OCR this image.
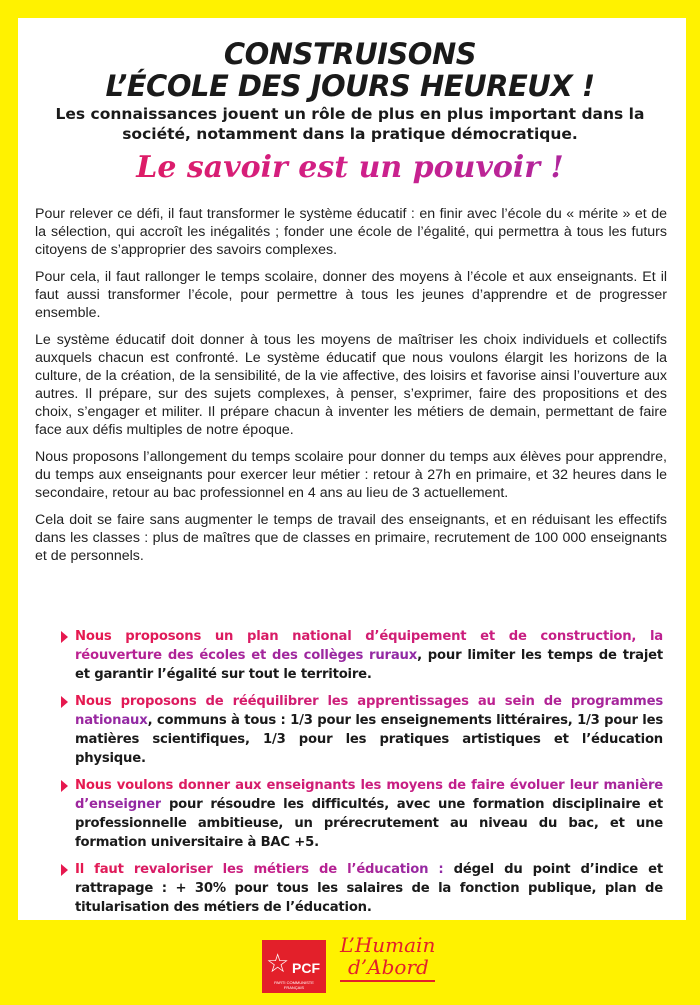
CONSTRUISONS
L’ÉCOLE DES JOURS HEUREUX !
Les connaissances jouent un rôle de plus en plus important dans la société, notamment dans la pratique démocratique.
Le savoir est un pouvoir !

Pour relever ce défi, il faut transformer le système éducatif : en finir avec l’école du « mérite » et de la sélection, qui accroît les inégalités ; fonder une école de l’égalité, qui permettra à tous les futurs citoyens de s’approprier des savoirs complexes.

Pour cela, il faut rallonger le temps scolaire, donner des moyens à l’école et aux enseignants. Et il faut aussi transformer l’école, pour permettre à tous les jeunes d’apprendre et de progresser ensemble.

Le système éducatif doit donner à tous les moyens de maîtriser les choix individuels et collectifs auxquels chacun est confronté. Le système éducatif que nous voulons élargit les horizons de la culture, de la création, de la sensibilité, de la vie affective, des loisirs et favorise ainsi l’ouverture aux autres. Il prépare, sur des sujets complexes, à penser, s’exprimer, faire des propositions et des choix, s’engager et militer. Il prépare chacun à inventer les métiers de demain, permettant de faire face aux défis multiples de notre époque.

Nous proposons l’allongement du temps scolaire pour donner du temps aux élèves pour apprendre, du temps aux enseignants pour exercer leur métier : retour à 27h en primaire, et 32 heures dans le secondaire, retour au bac professionnel en 4 ans au lieu de 3 actuellement.

Cela doit se faire sans augmenter le temps de travail des enseignants, et en réduisant les effectifs dans les classes : plus de maîtres que de classes en primaire, recrutement de 100 000 enseignants et de personnels.

Nous proposons un plan national d’équipement et de construction, la réouverture des écoles et des collèges ruraux, pour limiter les temps de trajet et garantir l’égalité sur tout le territoire.
Nous proposons de rééquilibrer les apprentissages au sein de programmes nationaux, communs à tous : 1/3 pour les enseignements littéraires, 1/3 pour les matières scientifiques, 1/3 pour les pratiques artistiques et l’éducation physique.
Nous voulons donner aux enseignants les moyens de faire évoluer leur manière d’enseigner pour résoudre les difficultés, avec une formation disciplinaire et professionnelle ambitieuse, un prérecrutement au niveau du bac, et une formation universitaire à BAC +5.
Il faut revaloriser les métiers de l’éducation : dégel du point d’indice et rattrapage : + 30% pour tous les salaires de la fonction publique, plan de titularisation des métiers de l’éducation.
☆ PCF
PARTI COMMUNISTE FRANÇAIS
L’Humain
d’Abord
